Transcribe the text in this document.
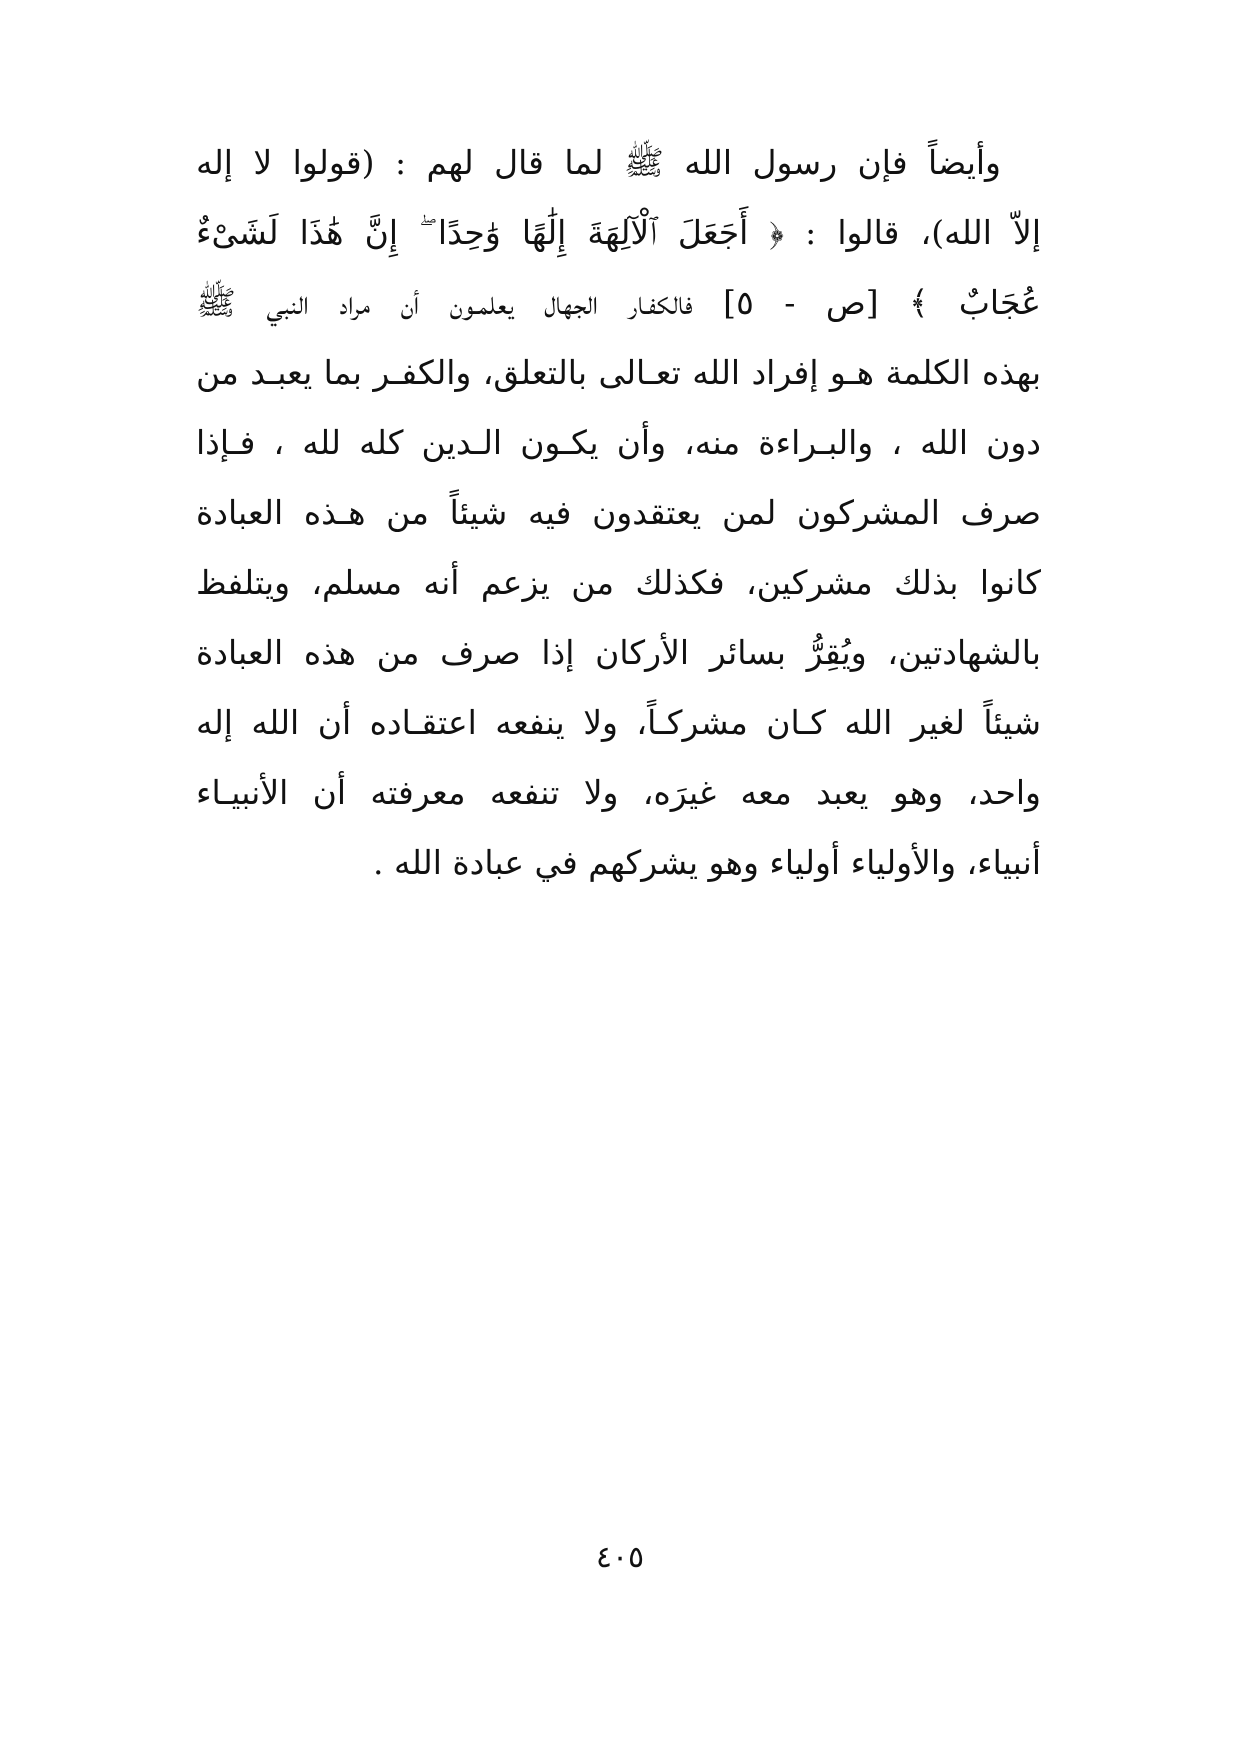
وأيضاً فإن رسول الله ﷺ لما قال لهم : (قولوا لا إله
إلاّ الله)، قالوا : ﴿ أَجَعَلَ ٱلْآلِهَةَ إِلَٰهًا وَٰحِدًا ۖ إِنَّ هَٰذَا لَشَىْءٌ
عُجَابٌ ﴾ [ص - ٥] فالكفـار الجهال يعلمـون أن مراد النبي ﷺ
بهذه الكلمة هـو إفراد الله تعـالى بالتعلق، والكفـر بما يعبـد من
دون الله ، والبـراءة منه، وأن يكـون الـدين كله لله ، فـإذا
صرف المشركون لمن يعتقدون فيه شيئاً من هـذه العبادة
كانوا بذلك مشركين، فكذلك من يزعم أنه مسلم، ويتلفظ
بالشهادتين، ويُقِرُّ بسائر الأركان إذا صرف من هذه العبادة
شيئاً لغير الله كـان مشركـاً، ولا ينفعه اعتقـاده أن الله إله
واحد، وهو يعبد معه غيرَه، ولا تنفعه معرفته أن الأنبيـاء
أنبياء، والأولياء أولياء وهو يشركهم في عبادة الله .
٤٠٥
